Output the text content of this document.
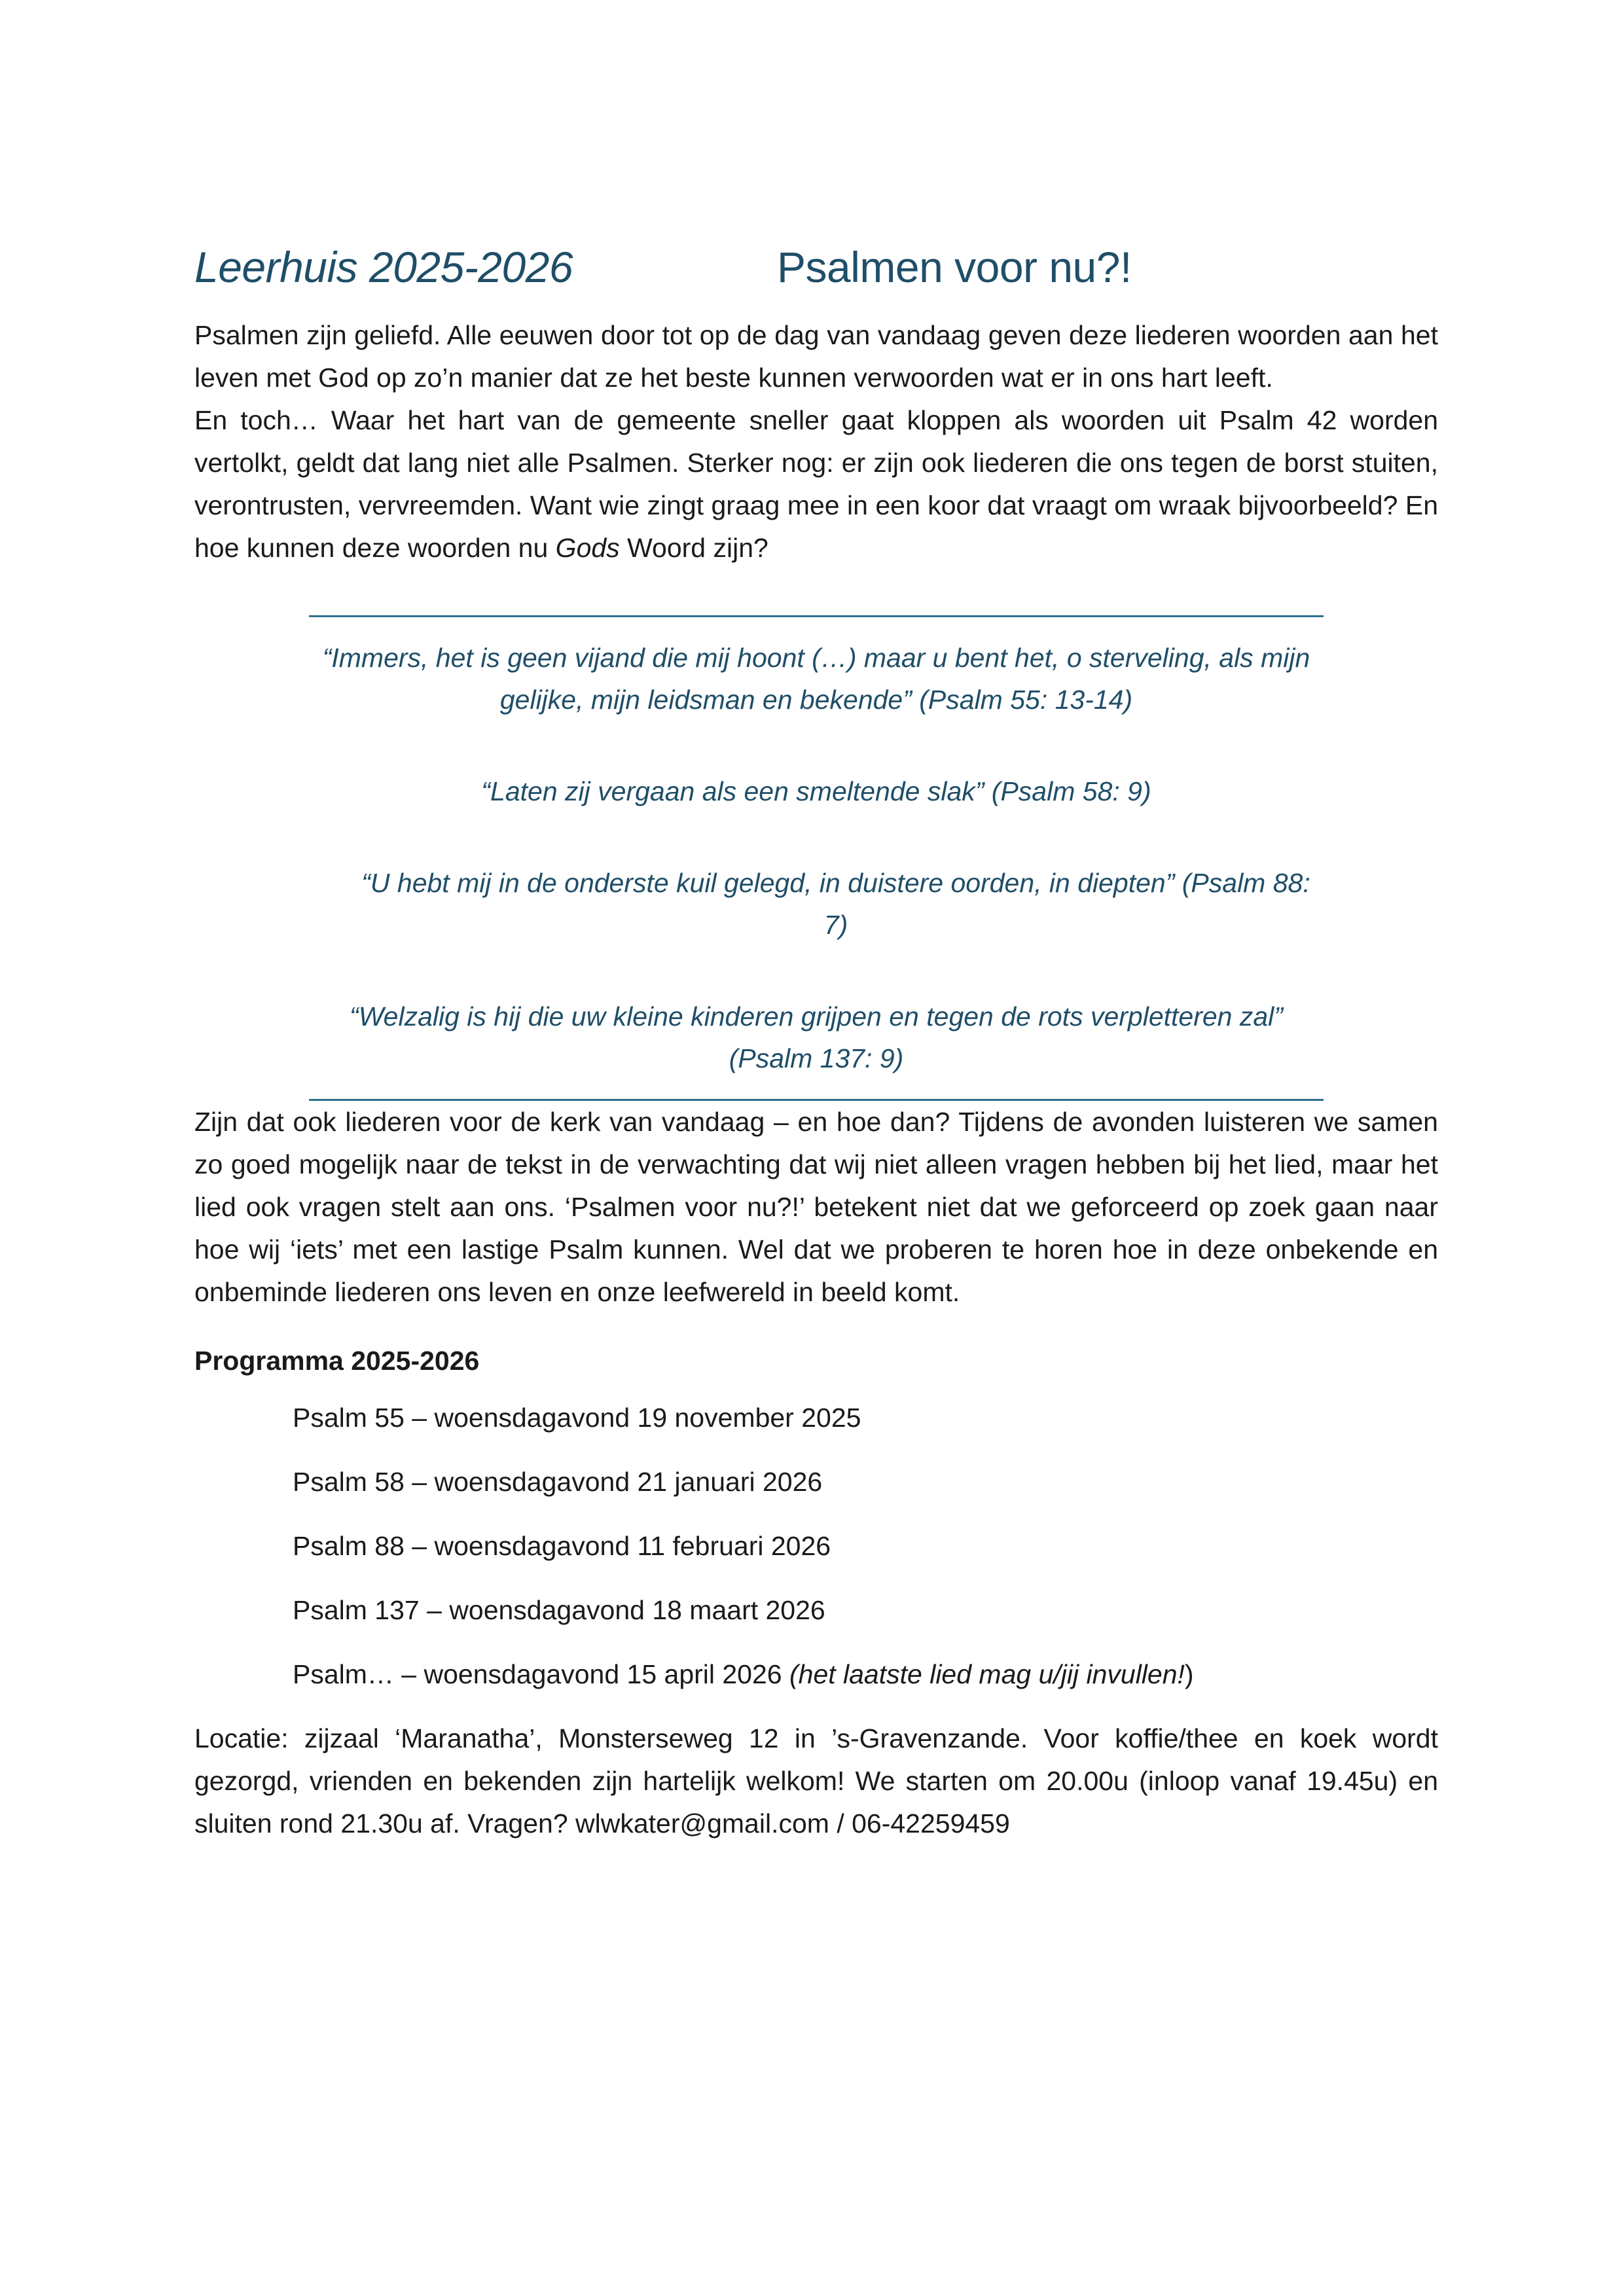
Leerhuis 2025-2026	Psalmen voor nu?!

Psalmen zijn geliefd. Alle eeuwen door tot op de dag van vandaag geven deze liederen woorden aan het leven met God op zo’n manier dat ze het beste kunnen verwoorden wat er in ons hart leeft.

En toch… Waar het hart van de gemeente sneller gaat kloppen als woorden uit Psalm 42 worden vertolkt, geldt dat lang niet alle Psalmen. Sterker nog: er zijn ook liederen die ons tegen de borst stuiten, verontrusten, vervreemden. Want wie zingt graag mee in een koor dat vraagt om wraak bijvoorbeeld? En hoe kunnen deze woorden nu Gods Woord zijn?

“Immers, het is geen vijand die mij hoont (…) maar u bent het, o sterveling, als mijn gelijke, mijn leidsman en bekende” (Psalm 55: 13-14)

“Laten zij vergaan als een smeltende slak” (Psalm 58: 9)

“U hebt mij in de onderste kuil gelegd, in duistere oorden, in diepten” (Psalm 88: 7)

“Welzalig is hij die uw kleine kinderen grijpen en tegen de rots verpletteren zal” (Psalm 137: 9)

Zijn dat ook liederen voor de kerk van vandaag – en hoe dan? Tijdens de avonden luisteren we samen zo goed mogelijk naar de tekst in de verwachting dat wij niet alleen vragen hebben bij het lied, maar het lied ook vragen stelt aan ons. ‘Psalmen voor nu?!’ betekent niet dat we geforceerd op zoek gaan naar hoe wij ‘iets’ met een lastige Psalm kunnen. Wel dat we proberen te horen hoe in deze onbekende en onbeminde liederen ons leven en onze leefwereld in beeld komt.

Programma 2025-2026
Psalm 55 – woensdagavond 19 november 2025
Psalm 58 – woensdagavond 21 januari 2026
Psalm 88 – woensdagavond 11 februari 2026
Psalm 137 – woensdagavond 18 maart 2026
Psalm… – woensdagavond 15 april 2026 (het laatste lied mag u/jij invullen!)

Locatie: zijzaal ‘Maranatha’, Monsterseweg 12 in ’s-Gravenzande. Voor koffie/thee en koek wordt gezorgd, vrienden en bekenden zijn hartelijk welkom! We starten om 20.00u (inloop vanaf 19.45u) en sluiten rond 21.30u af. Vragen? wlwkater@gmail.com / 06-42259459
